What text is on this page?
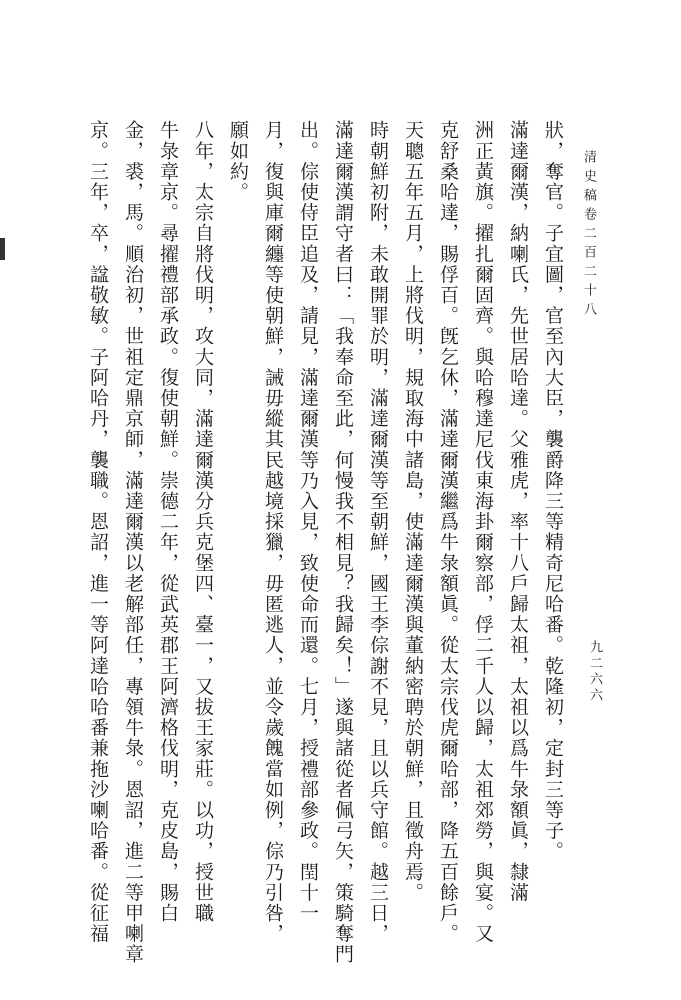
清史稿卷二百二十八
九二六六
狀，奪官。子宜圖，官至內大臣，襲爵降三等精奇尼哈番。乾隆初，定封三等子。
滿達爾漢，納喇氏，先世居哈達。父雅虎，率十八戶歸太祖，太祖以爲牛彔額眞，隸滿
洲正黃旗。擢扎爾固齊。與哈穆達尼伐東海卦爾察部，俘二千人以歸，太祖郊勞，與宴。又
克舒桑哈達，賜俘百。旣乞休，滿達爾漢繼爲牛彔額眞。從太宗伐虎爾哈部，降五百餘戶。
天聰五年五月，上將伐明，規取海中諸島，使滿達爾漢與董納密聘於朝鮮，且徵舟焉。
時朝鮮初附，未敢開罪於明，滿達爾漢等至朝鮮，國王李倧謝不見，且以兵守館。越三日，
滿達爾漢謂守者曰：「我奉命至此，何慢我不相見？我歸矣！」遂與諸從者佩弓矢，策騎奪門
出。倧使侍臣追及，請見，滿達爾漢等乃入見，致使命而還。七月，授禮部參政。閏十一
月，復與庫爾纏等使朝鮮，誡毋縱其民越境採獵，毋匿逃人，並令歲餽當如例，倧乃引咎，
願如約。
八年，太宗自將伐明，攻大同，滿達爾漢分兵克堡四、臺一，又拔王家莊。以功，授世職
牛彔章京。尋擢禮部承政。復使朝鮮。崇德二年，從武英郡王阿濟格伐明，克皮島，賜白
金，裘，馬。順治初，世祖定鼎京師，滿達爾漢以老解部任，專領牛彔。恩詔，進二等甲喇章
京。三年，卒，諡敬敏。子阿哈丹，襲職。恩詔，進一等阿達哈哈番兼拖沙喇哈番。從征福
